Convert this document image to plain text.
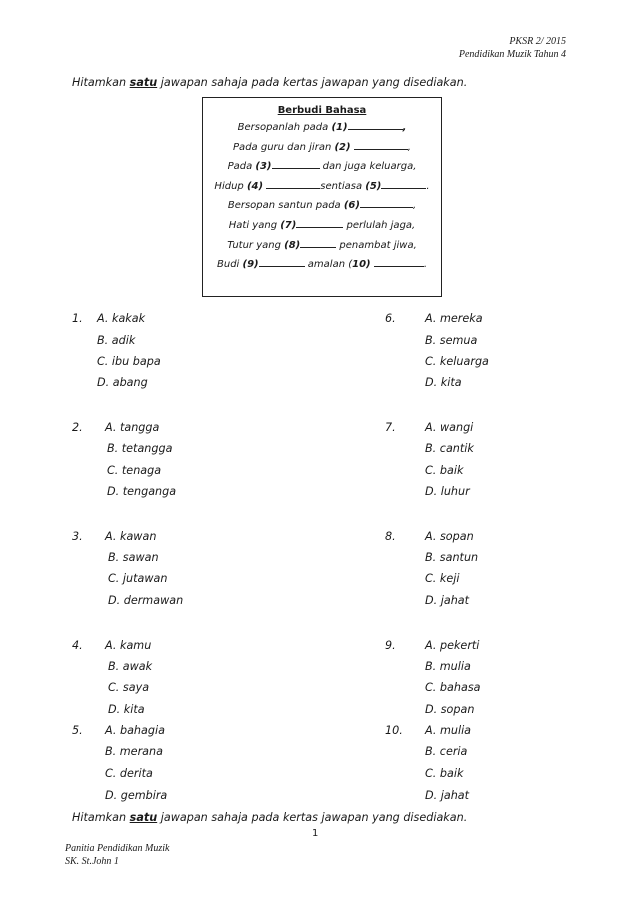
PKSR 2/ 2015
Pendidikan Muzik Tahun 4
Hitamkan satu jawapan sahaja pada kertas jawapan yang disediakan.
Berbudi Bahasa
Bersopanlah pada (1)	,
Pada guru dan jiran (2)	,
Pada (3)	dan juga keluarga,
Hidup (4)	sentiasa (5)	.
Bersopan santun pada (6)	,
Hati yang (7)	perlulah jaga,
Tutur yang (8)	penambat jiwa,
Budi (9)	amalan (10)	.
1. A. kakak
B. adik
C. ibu bapa
D. abang
2. A. tangga
B. tetangga
C. tenaga
D. tenganga
3. A. kawan
B. sawan
C. jutawan
D. dermawan
4. A. kamu
B. awak
C. saya
D. kita
5. A. bahagia
B. merana
C. derita
D. gembira
6.	A. mereka
B. semua
C. keluarga
D. kita
7.	A. wangi
B. cantik
C. baik
D. luhur
8.	A. sopan
B. santun
C. keji
D. jahat
9.	A. pekerti
B. mulia
C. bahasa
D. sopan
10. A. mulia
B. ceria
C. baik
D. jahat
Hitamkan satu jawapan sahaja pada kertas jawapan yang disediakan.
1
Panitia Pendidikan Muzik
SK. St.John 1
